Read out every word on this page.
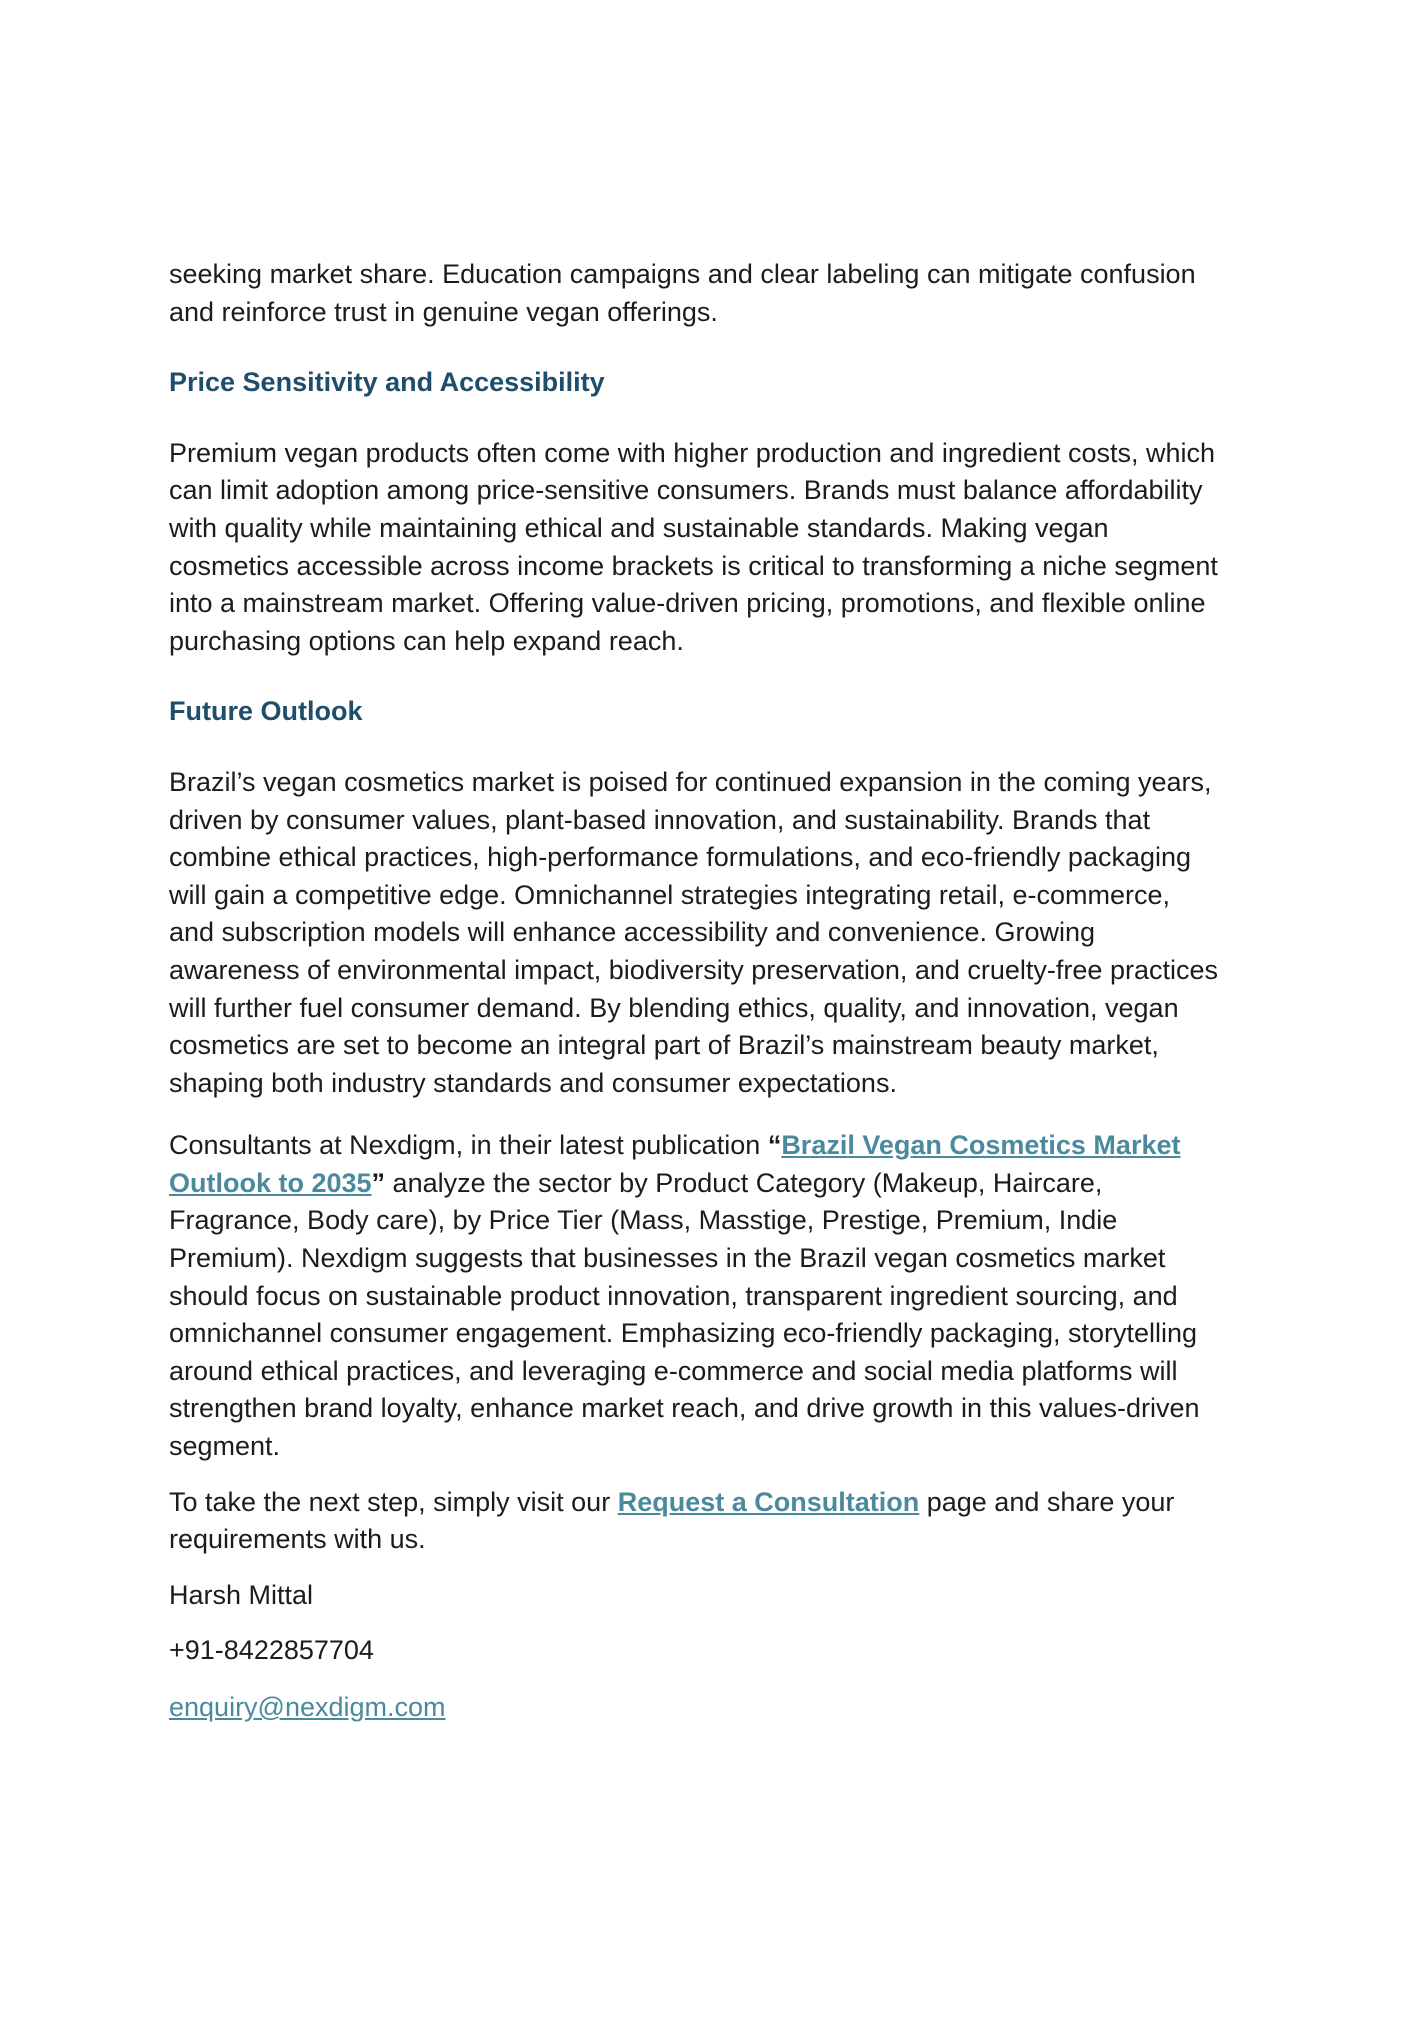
seeking market share. Education campaigns and clear labeling can mitigate confusion
and reinforce trust in genuine vegan offerings.

Price Sensitivity and Accessibility

Premium vegan products often come with higher production and ingredient costs, which
can limit adoption among price-sensitive consumers. Brands must balance affordability
with quality while maintaining ethical and sustainable standards. Making vegan
cosmetics accessible across income brackets is critical to transforming a niche segment
into a mainstream market. Offering value-driven pricing, promotions, and flexible online
purchasing options can help expand reach.

Future Outlook

Brazil’s vegan cosmetics market is poised for continued expansion in the coming years,
driven by consumer values, plant-based innovation, and sustainability. Brands that
combine ethical practices, high-performance formulations, and eco-friendly packaging
will gain a competitive edge. Omnichannel strategies integrating retail, e-commerce,
and subscription models will enhance accessibility and convenience. Growing
awareness of environmental impact, biodiversity preservation, and cruelty-free practices
will further fuel consumer demand. By blending ethics, quality, and innovation, vegan
cosmetics are set to become an integral part of Brazil’s mainstream beauty market,
shaping both industry standards and consumer expectations.

Consultants at Nexdigm, in their latest publication “Brazil Vegan Cosmetics Market
Outlook to 2035” analyze the sector by Product Category (Makeup, Haircare,
Fragrance, Body care), by Price Tier (Mass, Masstige, Prestige, Premium, Indie
Premium). Nexdigm suggests that businesses in the Brazil vegan cosmetics market
should focus on sustainable product innovation, transparent ingredient sourcing, and
omnichannel consumer engagement. Emphasizing eco-friendly packaging, storytelling
around ethical practices, and leveraging e-commerce and social media platforms will
strengthen brand loyalty, enhance market reach, and drive growth in this values-driven
segment.

To take the next step, simply visit our Request a Consultation page and share your
requirements with us.

Harsh Mittal

+91-8422857704

enquiry@nexdigm.com
